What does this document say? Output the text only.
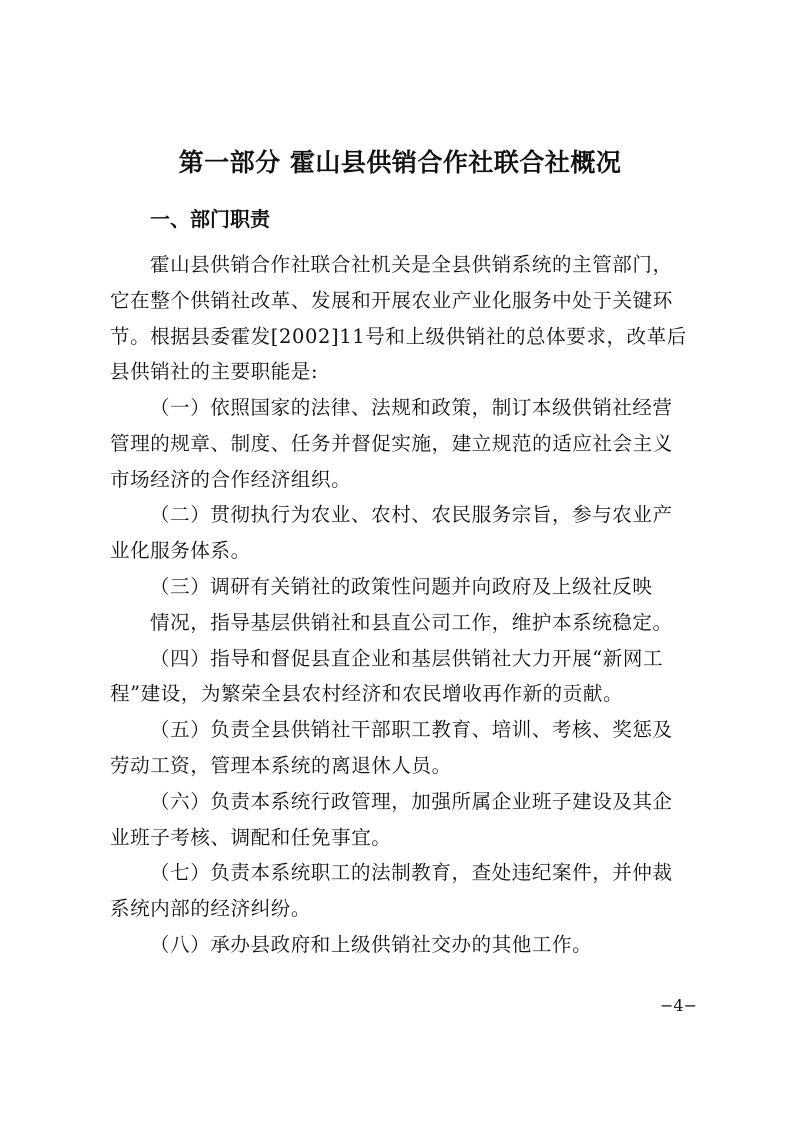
第一部分 霍山县供销合作社联合社概况
一、部门职责
霍山县供销合作社联合社机关是全县供销系统的主管部门，
它在整个供销社改革、发展和开展农业产业化服务中处于关键环
节。根据县委霍发[2002]11号和上级供销社的总体要求，改革后
县供销社的主要职能是:
（一）依照国家的法律、法规和政策，制订本级供销社经营
管理的规章、制度、任务并督促实施，建立规范的适应社会主义
市场经济的合作经济组织。
（二）贯彻执行为农业、农村、农民服务宗旨，参与农业产
业化服务体系。
（三）调研有关销社的政策性问题并向政府及上级社反映
情况，指导基层供销社和县直公司工作，维护本系统稳定。
（四）指导和督促县直企业和基层供销社大力开展“新网工
程”建设，为繁荣全县农村经济和农民增收再作新的贡献。
（五）负责全县供销社干部职工教育、培训、考核、奖惩及
劳动工资，管理本系统的离退休人员。
（六）负责本系统行政管理，加强所属企业班子建设及其企
业班子考核、调配和任免事宜。
（七）负责本系统职工的法制教育，查处违纪案件，并仲裁
系统内部的经济纠纷。
（八）承办县政府和上级供销社交办的其他工作。
−4−
